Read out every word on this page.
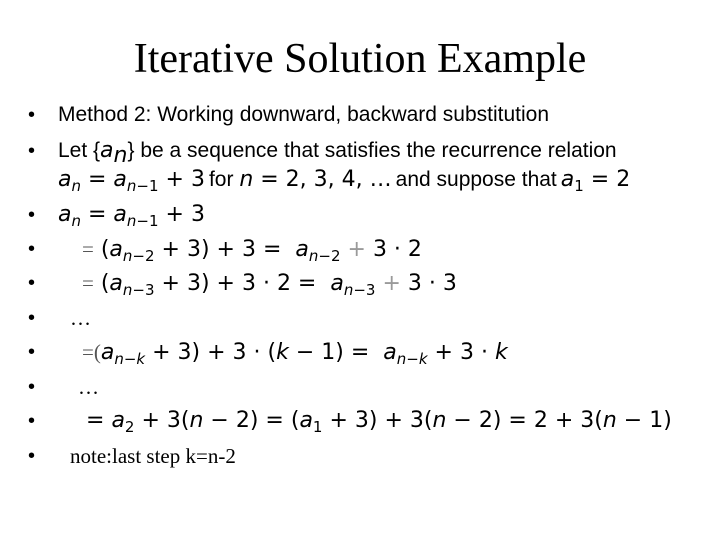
Iterative Solution Example
• Method 2: Working downward, backward substitution
• Let $\{a_n\}$ be a sequence that satisfies the recurrence relation
$a_n = a_{n-1} + 3$ for n = 2, 3, 4, … and suppose that $a_1 = 2$
• $a_n = a_{n-1} + 3$
• = $(a_{n-2} + 3) + 3 = a_{n-2} + 3 \cdot 2$
• = $(a_{n-3} + 3) + 3 \cdot 2 = a_{n-3} + 3 \cdot 3$
• …
• $=(a_{n-k} + 3) + 3 \cdot (k - 1) = a_{n-k} + 3 \cdot k$
• …
• = $a_2 + 3(n - 2) = (a_1 + 3) + 3(n - 2) = 2 + 3(n - 1)$
• note:last step k=n-2
